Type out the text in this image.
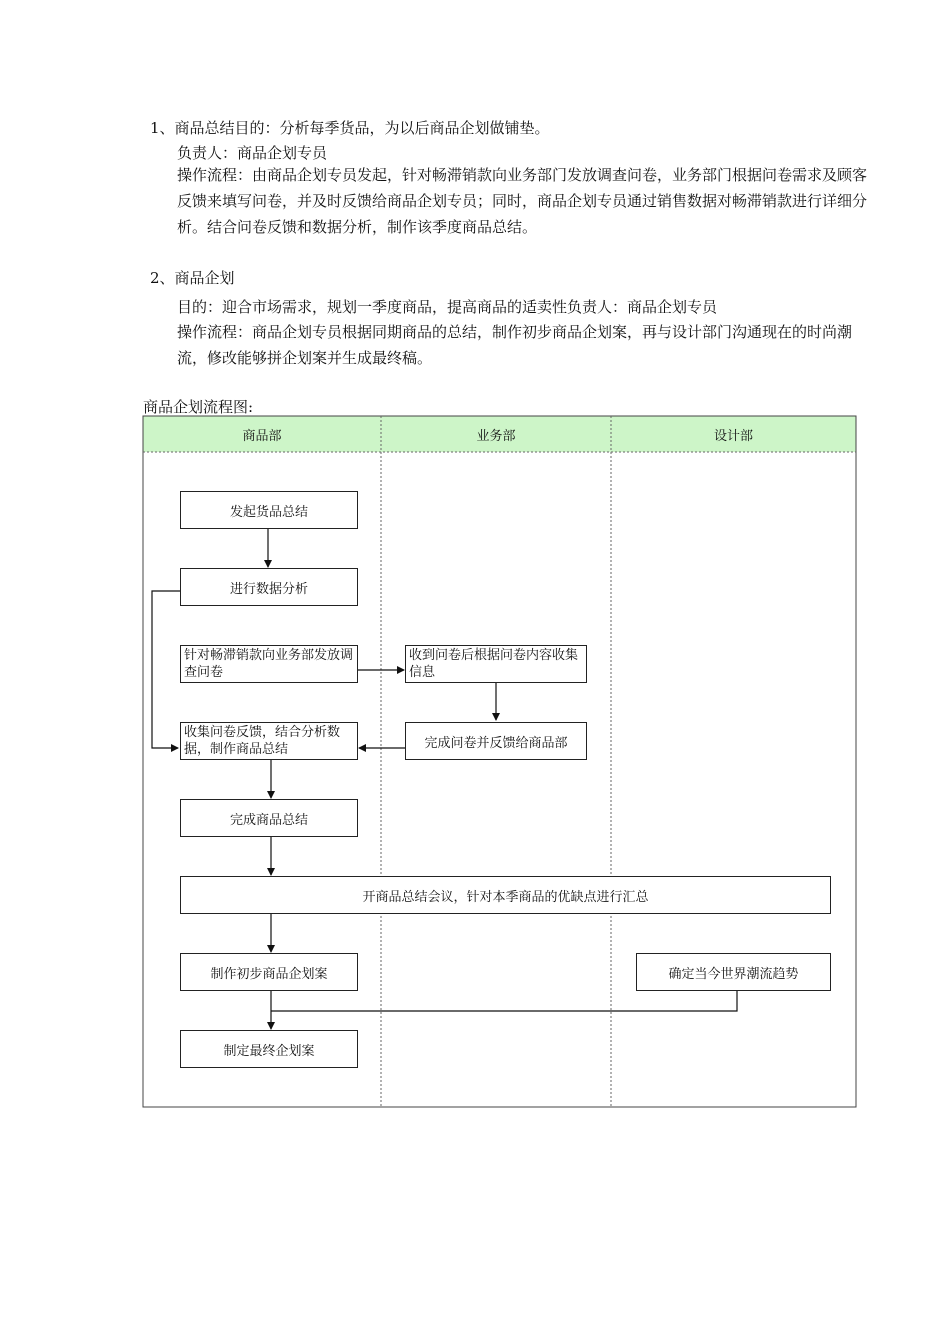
1、商品总结目的：分析每季货品，为以后商品企划做铺垫。
负责人：商品企划专员
操作流程：由商品企划专员发起，针对畅滞销款向业务部门发放调查问卷，业务部门根据问卷需求及顾客反馈来填写问卷，并及时反馈给商品企划专员；同时，商品企划专员通过销售数据对畅滞销款进行详细分析。结合问卷反馈和数据分析，制作该季度商品总结。
2、商品企划
目的：迎合市场需求，规划一季度商品，提高商品的适卖性负责人：商品企划专员
操作流程：商品企划专员根据同期商品的总结，制作初步商品企划案，再与设计部门沟通现在的时尚潮流，修改能够拼企划案并生成最终稿。
商品企划流程图:
商品部	业务部	设计部
发起货品总结
进行数据分析
针对畅滞销款向业务部发放调查问卷
收到问卷后根据问卷内容收集信息
收集问卷反馈，结合分析数据，制作商品总结	完成问卷并反馈给商品部
完成商品总结
开商品总结会议，针对本季商品的优缺点进行汇总
制作初步商品企划案	确定当今世界潮流趋势
制定最终企划案
